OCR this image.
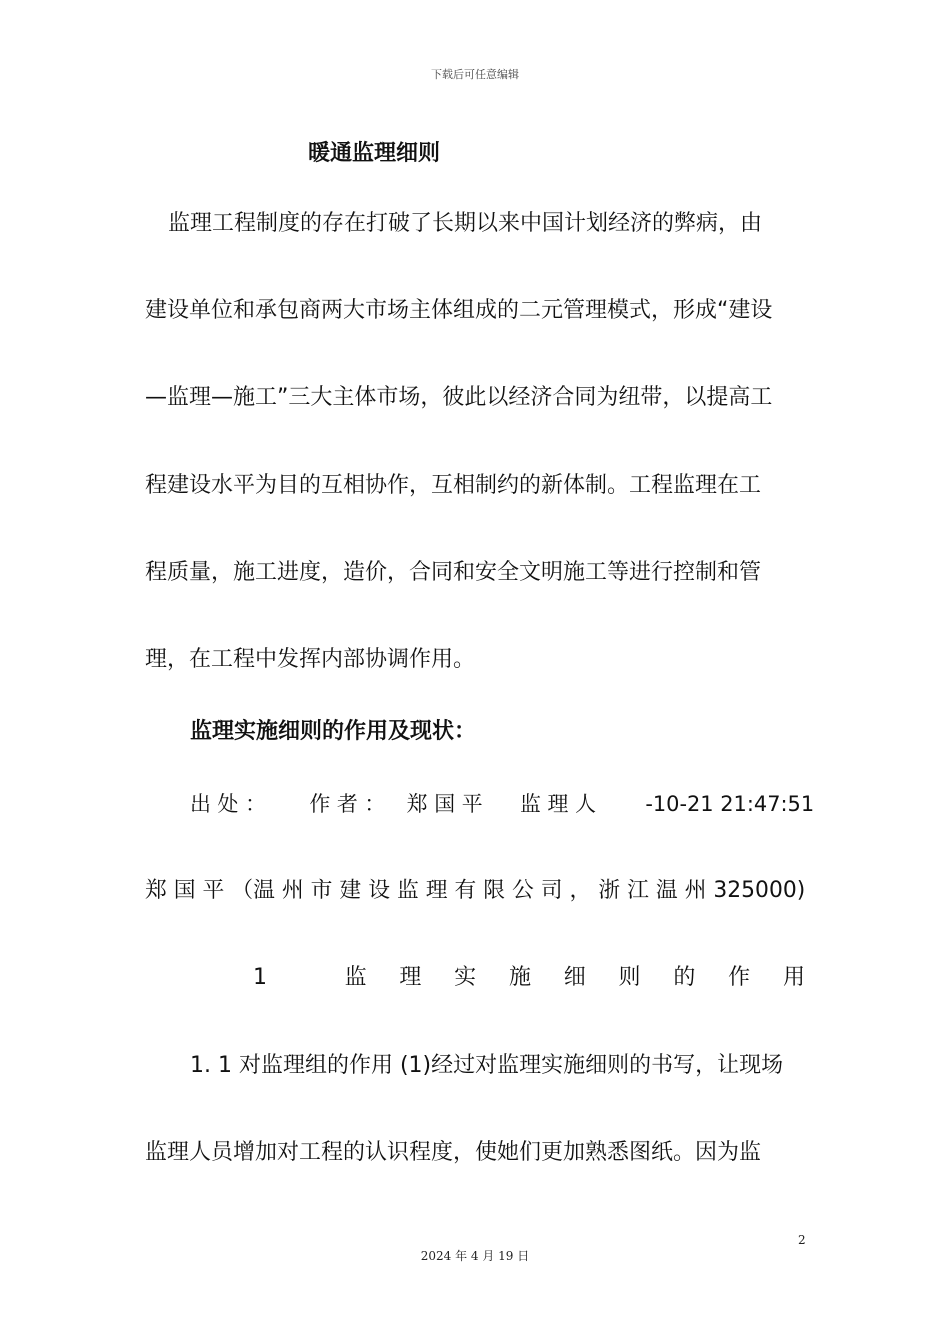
下载后可任意编辑
暖通监理细则
监理工程制度的存在打破了长期以来中国计划经济的弊病，由
建设单位和承包商两大市场主体组成的二元管理模式，形成“建设
—监理—施工”三大主体市场，彼此以经济合同为纽带，以提高工
程建设水平为目的互相协作，互相制约的新体制。工程监理在工
程质量，施工进度，造价，合同和安全文明施工等进行控制和管
理，在工程中发挥内部协调作用。
监理实施细则的作用及现状：
出 处 ： 作 者 ： 郑 国 平 监 理 人 -10-21 21:47:51
郑 国 平 （温 州 市 建 设 监 理 有 限 公 司 ， 浙 江 温 州 325000)
1	监 理 实 施 细 则 的 作 用
1. 1 对监理组的作用 (1)经过对监理实施细则的书写，让现场
监理人员增加对工程的认识程度，使她们更加熟悉图纸。因为监
2
2024 年 4 月 19 日
